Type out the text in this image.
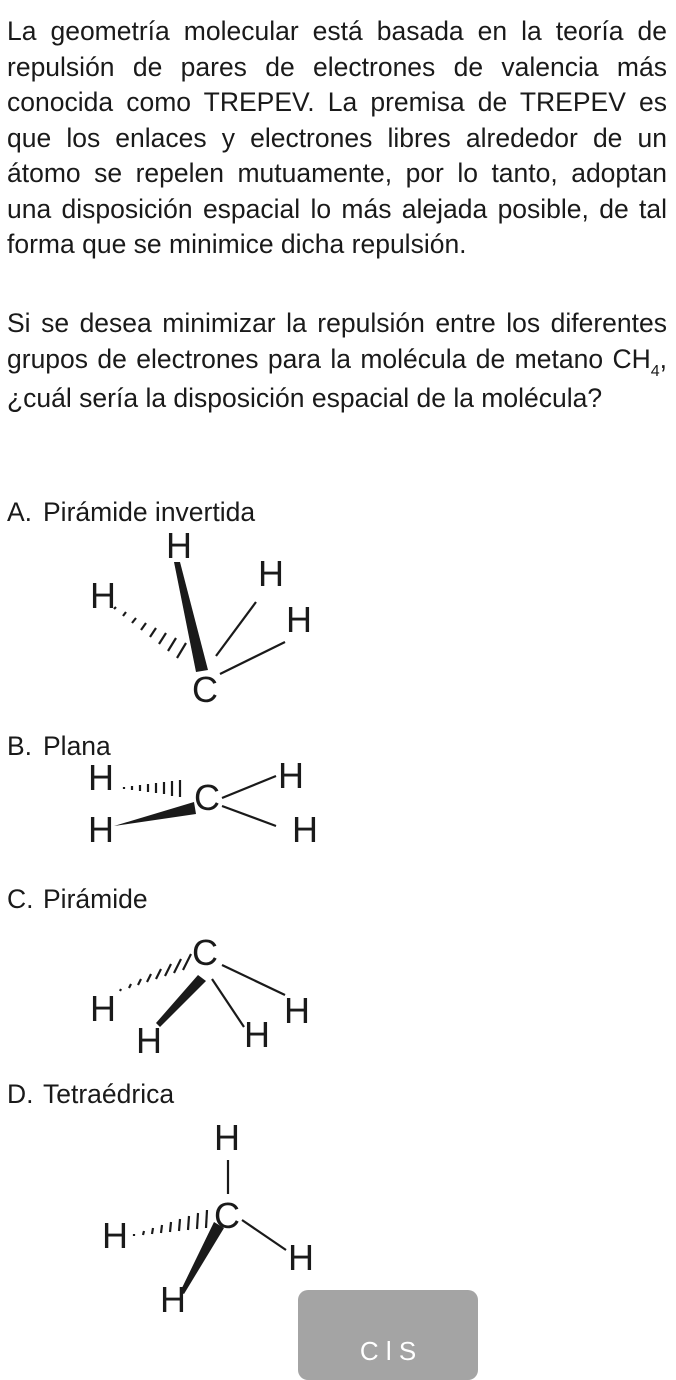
La geometría molecular está basada en la teoría de repulsión de pares de electrones de valencia más conocida como TREPEV. La premisa de TREPEV es que los enlaces y electrones libres alrededor de un átomo se repelen mutuamente, por lo tanto, adoptan una disposición espacial lo más alejada posible, de tal forma que se minimice dicha repulsión.

Si se desea minimizar la repulsión entre los diferentes grupos de electrones para la molécula de metano $CH_4$, ¿cuál sería la disposición espacial de la molécula?

A. Pirámide invertida
C
H
H
H
H
B. Plana
C
H
H
H
H
C. Pirámide
C
H
H H
H
D. Tetraédrica
C
H
H
H
H
C l S
